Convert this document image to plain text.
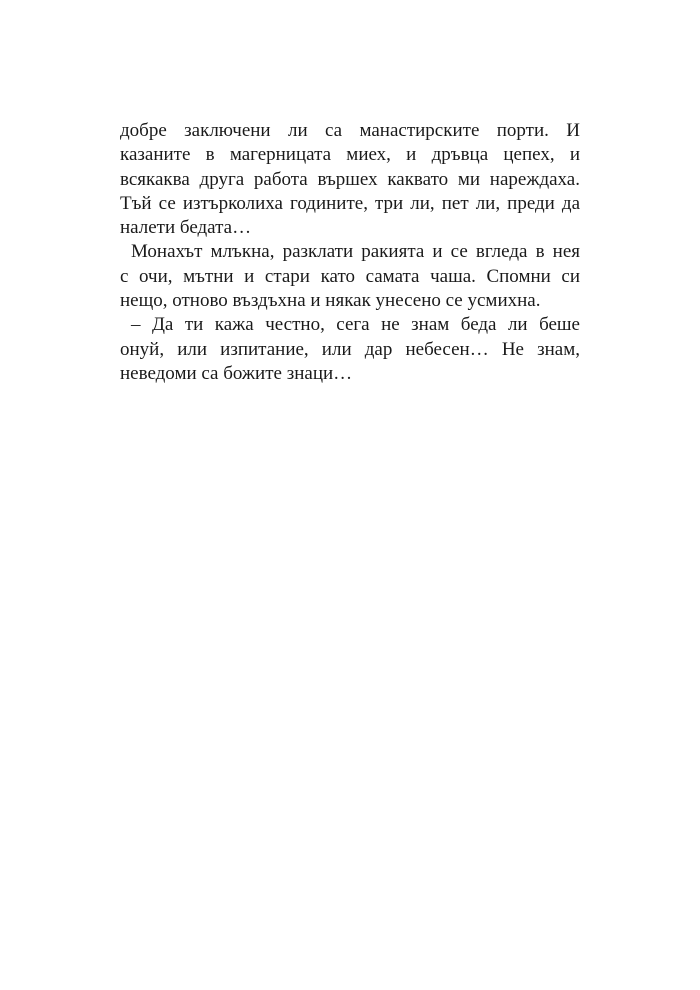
добре заключени ли са манастирските порти. И
казаните в магерницата миех, и дръвца цепех, и
всякаква друга работа вършех каквато ми нареждаха.
Тъй се изтърколиха годините, три ли, пет ли, преди да
налети бедата…
Монахът млъкна, разклати ракията и се вгледа в нея
с очи, мътни и стари като самата чаша. Спомни си
нещо, отново въздъхна и някак унесено се усмихна.
– Да ти кажа честно, сега не знам беда ли беше
онуй, или изпитание, или дар небесен… Не знам,
неведоми са божите знаци…
